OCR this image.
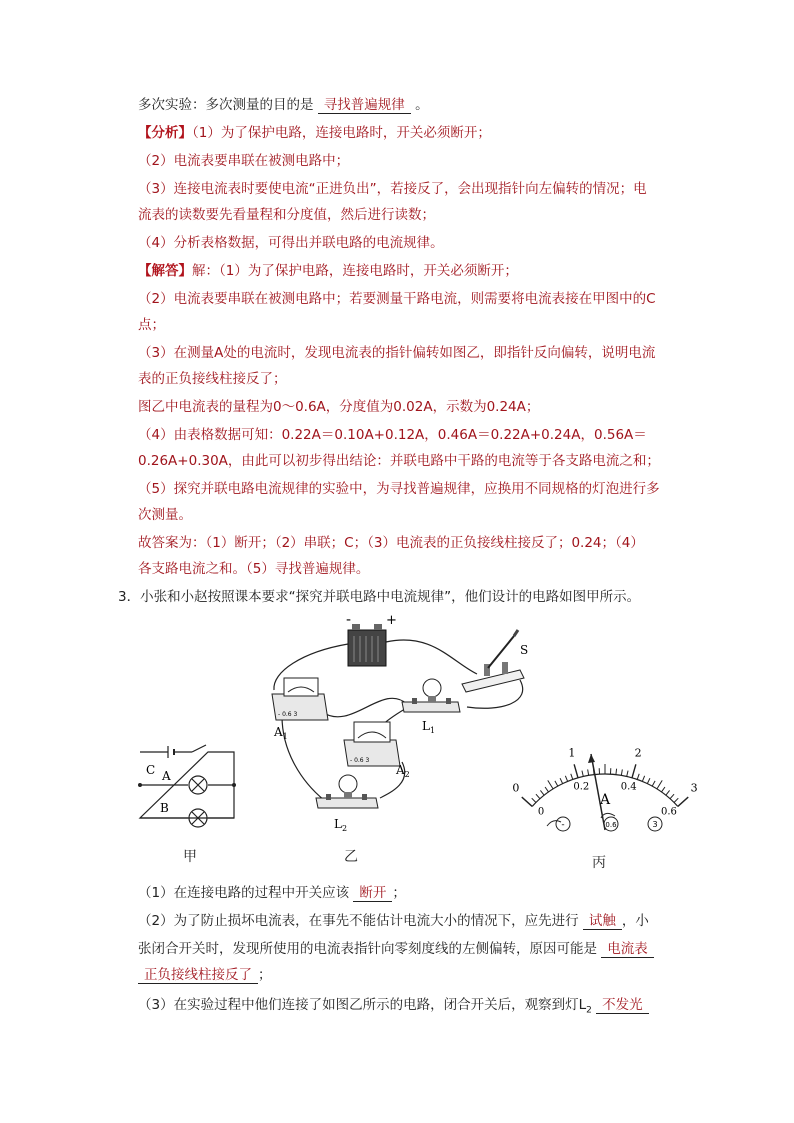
多次实验：多次测量的目的是 寻找普遍规律 。
【分析】（1）为了保护电路，连接电路时，开关必须断开；
（2）电流表要串联在被测电路中；
（3）连接电流表时要使电流“正进负出”，若接反了，会出现指针向左偏转的情况；电
流表的读数要先看量程和分度值，然后进行读数；
（4）分析表格数据，可得出并联电路的电流规律。
【解答】解：（1）为了保护电路，连接电路时，开关必须断开；
（2）电流表要串联在被测电路中；若要测量干路电流，则需要将电流表接在甲图中的C
点；
（3）在测量A处的电流时，发现电流表的指针偏转如图乙，即指针反向偏转，说明电流
表的正负接线柱接反了；
图乙中电流表的量程为0～0.6A，分度值为0.02A，示数为0.24A；
（4）由表格数据可知：0.22A＝0.10A+0.12A，0.46A＝0.22A+0.24A，0.56A＝
0.26A+0.30A，由此可以初步得出结论：并联电路中干路的电流等于各支路电流之和；
（5）探究并联电路电流规律的实验中，为寻找普遍规律，应换用不同规格的灯泡进行多
次测量。
故答案为：（1）断开；（2）串联；C；（3）电流表的正负接线柱接反了；0.24；（4）
各支路电流之和。（5）寻找普遍规律。
3．小张和小赵按照课本要求“探究并联电路中电流规律”，他们设计的电路如图甲所示。
C A
B
甲
-	+
S
- 0.6 3
$A_1$
$L_1$
- 0.6 3
$A_2$
$L_2$
乙
0
1	2
3
0
0.2	0.4
0.6
A
-	0.6	3
丙
（1）在连接电路的过程中开关应该 断开 ；
（2）为了防止损坏电流表，在事先不能估计电流大小的情况下，应先进行 试触 ，小
张闭合开关时，发现所使用的电流表指针向零刻度线的左侧偏转，原因可能是 电流表
正负接线柱接反了 ；
（3）在实验过程中他们连接了如图乙所示的电路，闭合开关后，观察到灯$L_2$ 不发光
